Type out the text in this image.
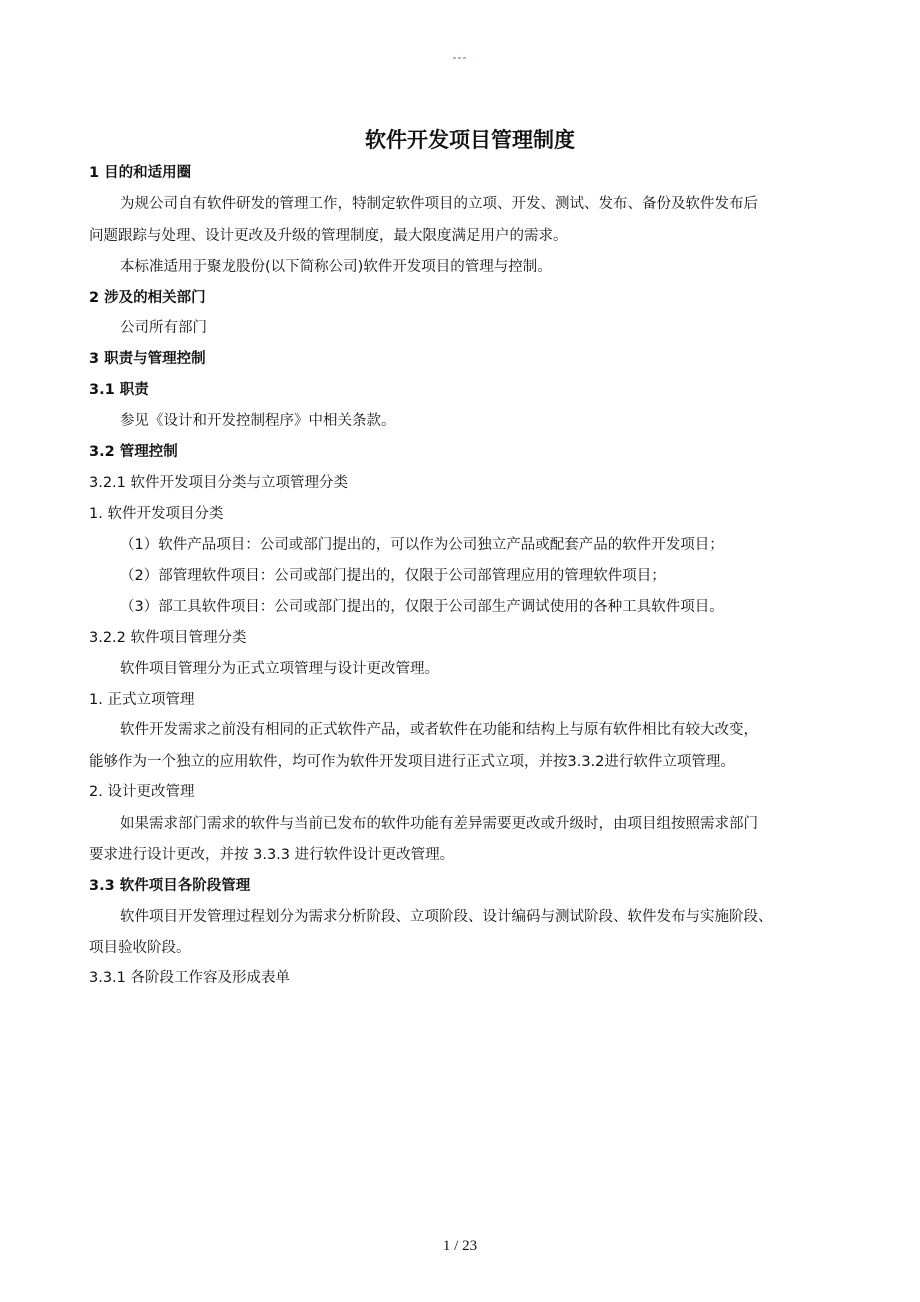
---
软件开发项目管理制度

1 目的和适用圈

为规公司自有软件研发的管理工作，特制定软件项目的立项、开发、测试、发布、备份及软件发布后

问题跟踪与处理、设计更改及升级的管理制度，最大限度满足用户的需求。

本标准适用于聚龙股份(以下简称公司)软件开发项目的管理与控制。

2 涉及的相关部门

公司所有部门

3 职责与管理控制

3.1 职责

参见《设计和开发控制程序》中相关条款。

3.2 管理控制

3.2.1 软件开发项目分类与立项管理分类

1. 软件开发项目分类

（1）软件产品项目：公司或部门提出的，可以作为公司独立产品或配套产品的软件开发项目；

（2）部管理软件项目：公司或部门提出的，仅限于公司部管理应用的管理软件项目；

（3）部工具软件项目：公司或部门提出的，仅限于公司部生产调试使用的各种工具软件项目。

3.2.2 软件项目管理分类

软件项目管理分为正式立项管理与设计更改管理。

1. 正式立项管理

软件开发需求之前没有相同的正式软件产品，或者软件在功能和结构上与原有软件相比有较大改变，

能够作为一个独立的应用软件，均可作为软件开发项目进行正式立项，并按3.3.2进行软件立项管理。

2. 设计更改管理

如果需求部门需求的软件与当前已发布的软件功能有差异需要更改或升级时，由项目组按照需求部门

要求进行设计更改，并按 3.3.3 进行软件设计更改管理。

3.3 软件项目各阶段管理

软件项目开发管理过程划分为需求分析阶段、立项阶段、设计编码与测试阶段、软件发布与实施阶段、

项目验收阶段。

3.3.1 各阶段工作容及形成表单

1 / 23
